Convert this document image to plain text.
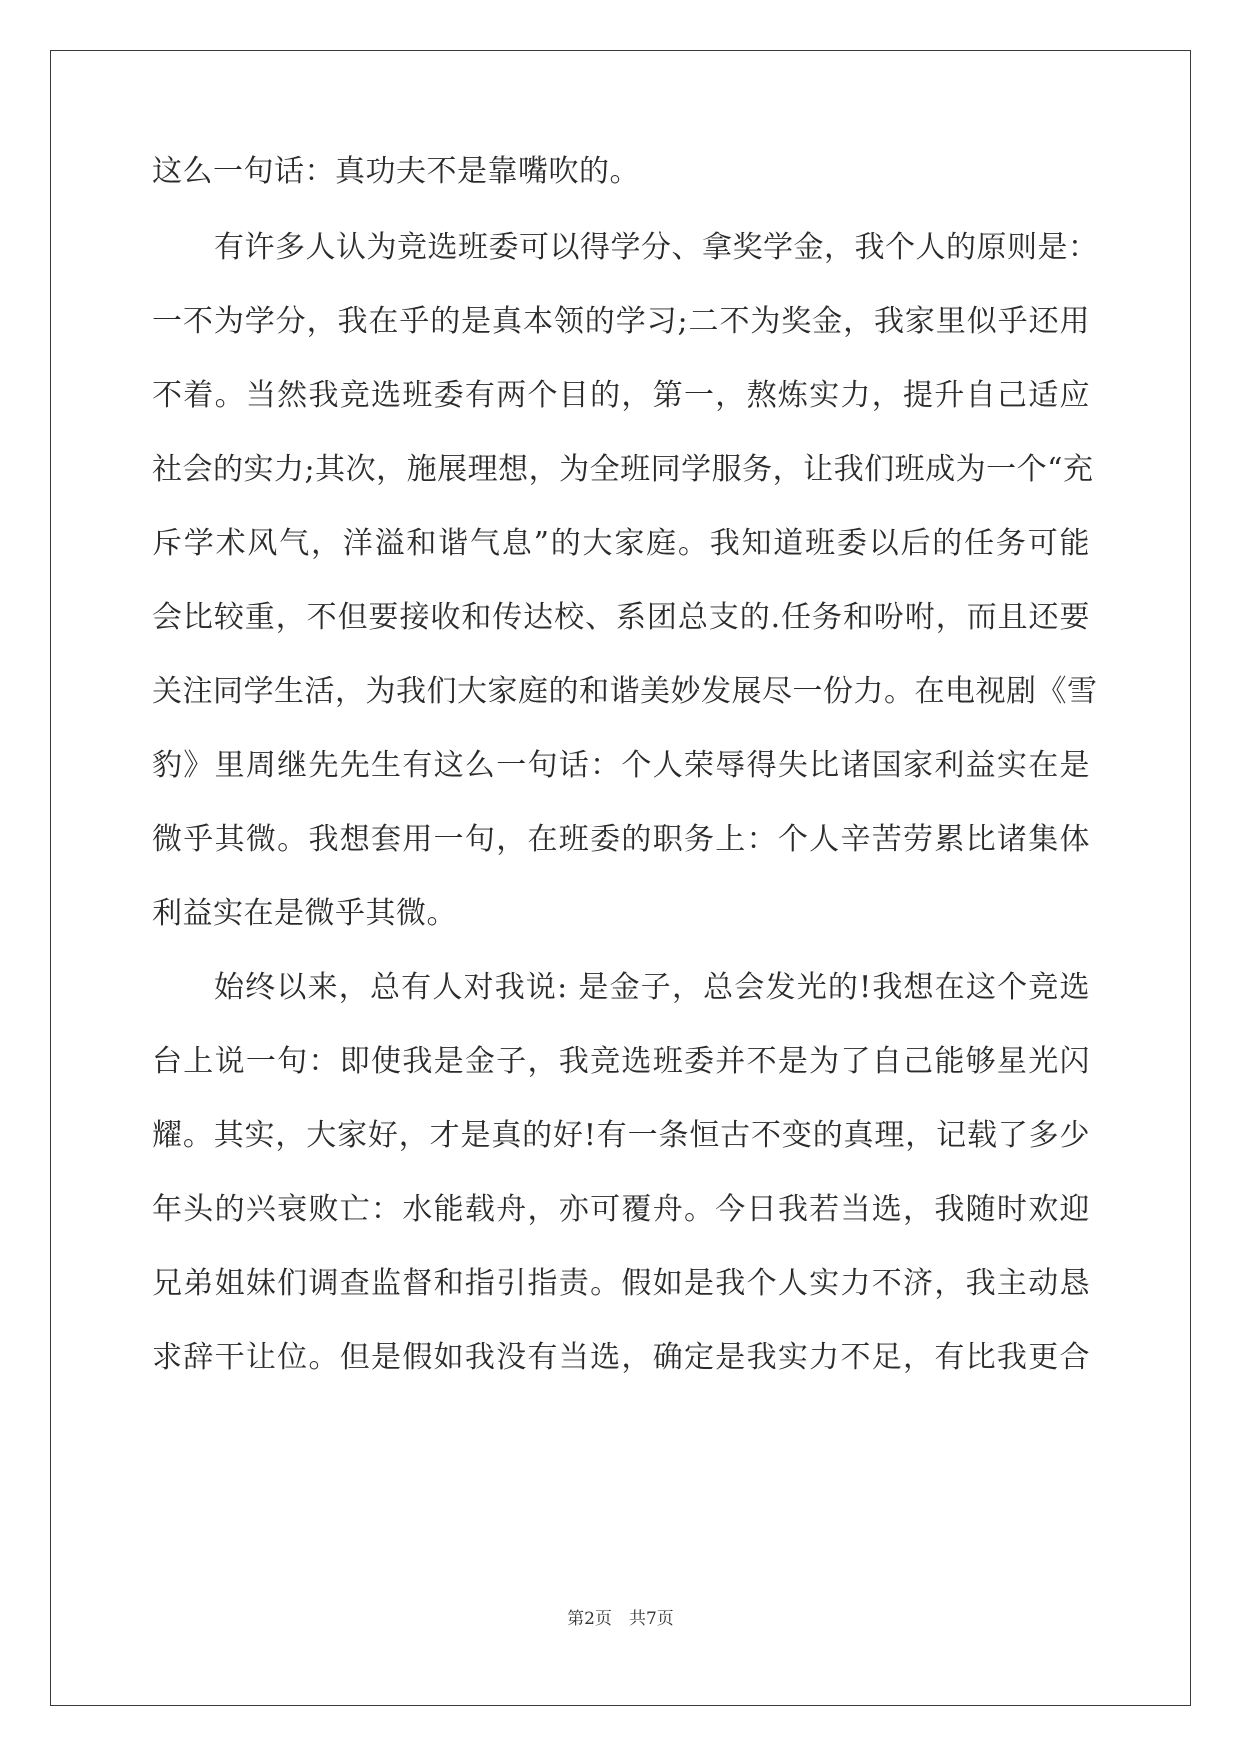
这么一句话：真功夫不是靠嘴吹的。
有许多人认为竞选班委可以得学分、拿奖学金，我个人的原则是：
一不为学分，我在乎的是真本领的学习;二不为奖金，我家里似乎还用
不着。当然我竞选班委有两个目的，第一，熬炼实力，提升自己适应
社会的实力;其次，施展理想，为全班同学服务，让我们班成为一个“充
斥学术风气，洋溢和谐气息”的大家庭。我知道班委以后的任务可能
会比较重，不但要接收和传达校、系团总支的.任务和吩咐，而且还要
关注同学生活，为我们大家庭的和谐美妙发展尽一份力。在电视剧《雪
豹》里周继先先生有这么一句话：个人荣辱得失比诸国家利益实在是
微乎其微。我想套用一句，在班委的职务上：个人辛苦劳累比诸集体
利益实在是微乎其微。
始终以来，总有人对我说: 是金子，总会发光的!我想在这个竞选
台上说一句：即使我是金子，我竞选班委并不是为了自己能够星光闪
耀。其实，大家好，才是真的好!有一条恒古不变的真理，记载了多少
年头的兴衰败亡：水能载舟，亦可覆舟。今日我若当选，我随时欢迎
兄弟姐妹们调查监督和指引指责。假如是我个人实力不济，我主动恳
求辞干让位。但是假如我没有当选，确定是我实力不足，有比我更合
第2页　共7页
